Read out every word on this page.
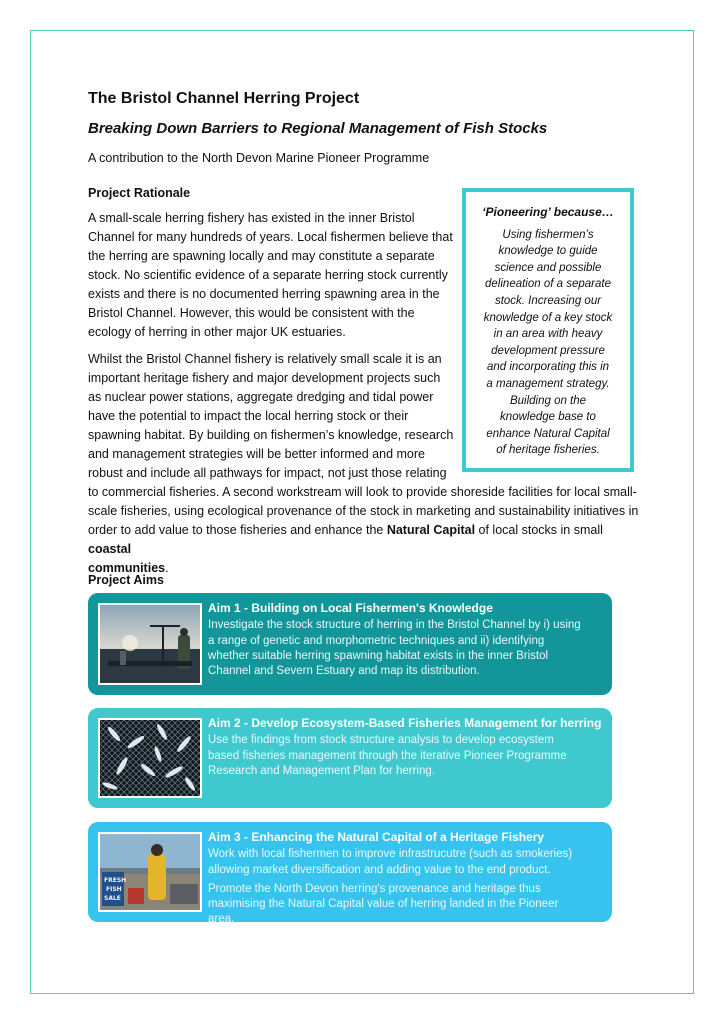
The Bristol Channel Herring Project
Breaking Down Barriers to Regional Management of Fish Stocks

A contribution to the North Devon Marine Pioneer Programme

Project Rationale
A small-scale herring fishery has existed in the inner Bristol
Channel for many hundreds of years. Local fishermen believe that
the herring are spawning locally and may constitute a separate
stock. No scientific evidence of a separate herring stock currently
exists and there is no documented herring spawning area in the
Bristol Channel. However, this would be consistent with the
ecology of herring in other major UK estuaries.
Whilst the Bristol Channel fishery is relatively small scale it is an
important heritage fishery and major development projects such
as nuclear power stations, aggregate dredging and tidal power
have the potential to impact the local herring stock or their
spawning habitat. By building on fishermen’s knowledge, research
and management strategies will be better informed and more
robust and include all pathways for impact, not just those relating
to commercial fisheries. A second workstream will look to provide shoreside facilities for local small-
scale fisheries, using ecological provenance of the stock in marketing and sustainability initiatives in
order to add value to those fisheries and enhance the Natural Capital of local stocks in small coastal
communities.
‘Pioneering’ because…
Using fishermen’s
knowledge to guide
science and possible
delineation of a separate
stock. Increasing our
knowledge of a key stock
in an area with heavy
development pressure
and incorporating this in
a management strategy.
Building on the
knowledge base to
enhance Natural Capital
of heritage fisheries.
Project Aims
Aim 1 - Building on Local Fishermen's Knowledge
Investigate the stock structure of herring in the Bristol Channel by i) using
a range of genetic and morphometric techniques and ii) identifying
whether suitable herring spawning habitat exists in the inner Bristol
Channel and Severn Estuary and map its distribution.
Aim 2 - Develop Ecosystem-Based Fisheries Management for herring
Use the findings from stock structure analysis to develop ecosystem
based fisheries management through the iterative Pioneer Programme
Research and Management Plan for herring.
FRESH
FISH
SALE
Aim 3 - Enhancing the Natural Capital of a Heritage Fishery
Work with local fishermen to improve infrastrucutre (such as smokeries)
allowing market diversification and adding value to the end product.
Promote the North Devon herring's provenance and heritage thus
maximising the Natural Capital value of herring landed in the Pioneer
area.
